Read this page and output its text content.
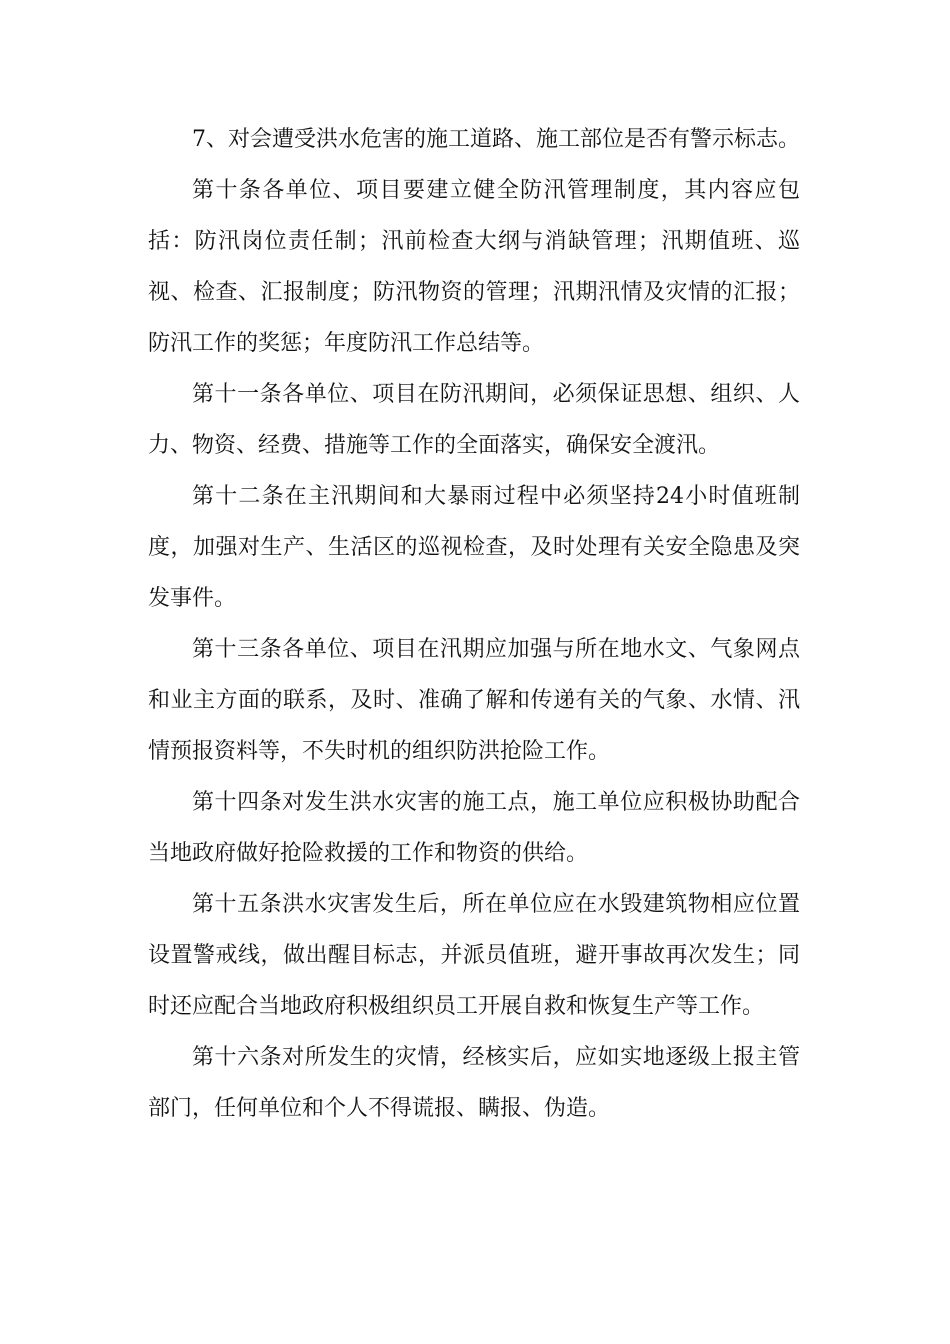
7、对会遭受洪水危害的施工道路、施工部位是否有警示标志。

第十条各单位、项目要建立健全防汛管理制度，其内容应包括：防汛岗位责任制；汛前检查大纲与消缺管理；汛期值班、巡视、检查、汇报制度；防汛物资的管理；汛期汛情及灾情的汇报；防汛工作的奖惩；年度防汛工作总结等。

第十一条各单位、项目在防汛期间，必须保证思想、组织、人力、物资、经费、措施等工作的全面落实，确保安全渡汛。

第十二条在主汛期间和大暴雨过程中必须坚持24小时值班制度，加强对生产、生活区的巡视检查，及时处理有关安全隐患及突发事件。

第十三条各单位、项目在汛期应加强与所在地水文、气象网点和业主方面的联系，及时、准确了解和传递有关的气象、水情、汛情预报资料等，不失时机的组织防洪抢险工作。

第十四条对发生洪水灾害的施工点，施工单位应积极协助配合当地政府做好抢险救援的工作和物资的供给。

第十五条洪水灾害发生后，所在单位应在水毁建筑物相应位置设置警戒线，做出醒目标志，并派员值班，避开事故再次发生；同时还应配合当地政府积极组织员工开展自救和恢复生产等工作。

第十六条对所发生的灾情，经核实后，应如实地逐级上报主管部门，任何单位和个人不得谎报、瞒报、伪造。
